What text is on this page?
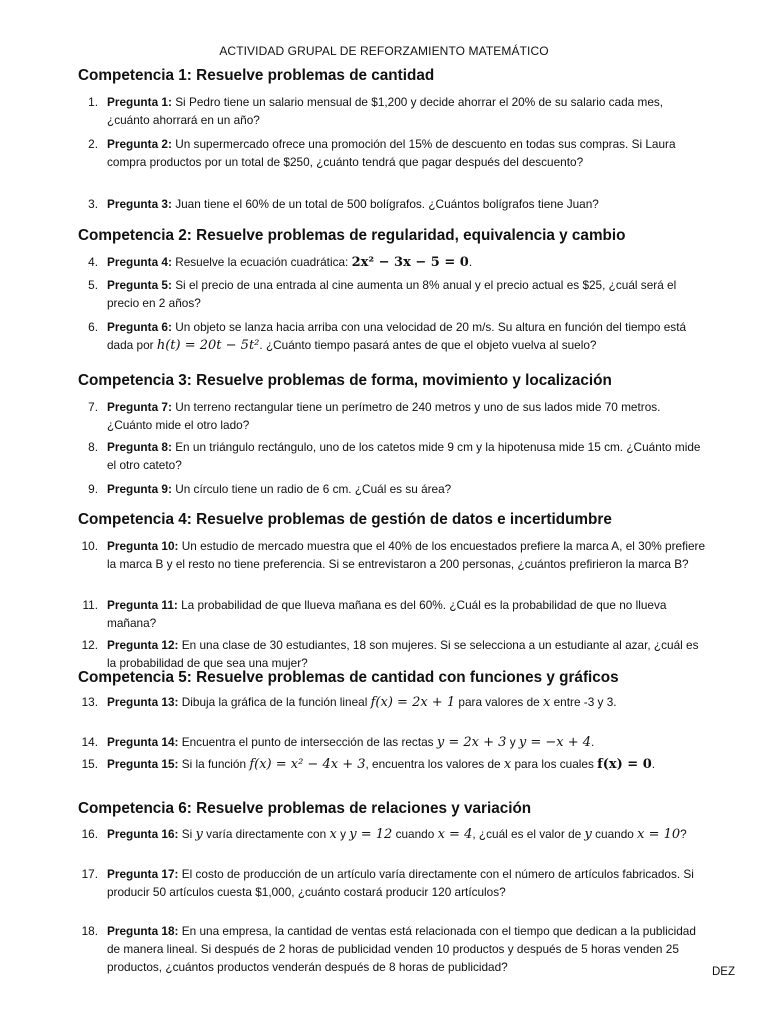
ACTIVIDAD GRUPAL DE REFORZAMIENTO MATEMÁTICO
Competencia 1: Resuelve problemas de cantidad
1. Pregunta 1: Si Pedro tiene un salario mensual de $1,200 y decide ahorrar el 20% de su salario cada mes, ¿cuánto ahorrará en un año?
2. Pregunta 2: Un supermercado ofrece una promoción del 15% de descuento en todas sus compras. Si Laura compra productos por un total de $250, ¿cuánto tendrá que pagar después del descuento?
3. Pregunta 3: Juan tiene el 60% de un total de 500 bolígrafos. ¿Cuántos bolígrafos tiene Juan?
Competencia 2: Resuelve problemas de regularidad, equivalencia y cambio
4. Pregunta 4: Resuelve la ecuación cuadrática: 2x² − 3x − 5 = 0.
5. Pregunta 5: Si el precio de una entrada al cine aumenta un 8% anual y el precio actual es $25, ¿cuál será el precio en 2 años?
6. Pregunta 6: Un objeto se lanza hacia arriba con una velocidad de 20 m/s. Su altura en función del tiempo está dada por h(t) = 20t − 5t². ¿Cuánto tiempo pasará antes de que el objeto vuelva al suelo?
Competencia 3: Resuelve problemas de forma, movimiento y localización
7. Pregunta 7: Un terreno rectangular tiene un perímetro de 240 metros y uno de sus lados mide 70 metros. ¿Cuánto mide el otro lado?
8. Pregunta 8: En un triángulo rectángulo, uno de los catetos mide 9 cm y la hipotenusa mide 15 cm. ¿Cuánto mide el otro cateto?
9. Pregunta 9: Un círculo tiene un radio de 6 cm. ¿Cuál es su área?
Competencia 4: Resuelve problemas de gestión de datos e incertidumbre
10. Pregunta 10: Un estudio de mercado muestra que el 40% de los encuestados prefiere la marca A, el 30% prefiere la marca B y el resto no tiene preferencia. Si se entrevistaron a 200 personas, ¿cuántos prefirieron la marca B?
11. Pregunta 11: La probabilidad de que llueva mañana es del 60%. ¿Cuál es la probabilidad de que no llueva mañana?
12. Pregunta 12: En una clase de 30 estudiantes, 18 son mujeres. Si se selecciona a un estudiante al azar, ¿cuál es la probabilidad de que sea una mujer?
Competencia 5: Resuelve problemas de cantidad con funciones y gráficos
13. Pregunta 13: Dibuja la gráfica de la función lineal f(x) = 2x + 1 para valores de x entre -3 y 3.
14. Pregunta 14: Encuentra el punto de intersección de las rectas y = 2x + 3 y y = −x + 4.
15. Pregunta 15: Si la función f(x) = x² − 4x + 3, encuentra los valores de x para los cuales f(x) = 0.
Competencia 6: Resuelve problemas de relaciones y variación
16. Pregunta 16: Si y varía directamente con x y y = 12 cuando x = 4, ¿cuál es el valor de y cuando x = 10?
17. Pregunta 17: El costo de producción de un artículo varía directamente con el número de artículos fabricados. Si producir 50 artículos cuesta $1,000, ¿cuánto costará producir 120 artículos?
18. Pregunta 18: En una empresa, la cantidad de ventas está relacionada con el tiempo que dedican a la publicidad de manera lineal. Si después de 2 horas de publicidad venden 10 productos y después de 5 horas venden 25 productos, ¿cuántos productos venderán después de 8 horas de publicidad?	DEZ
